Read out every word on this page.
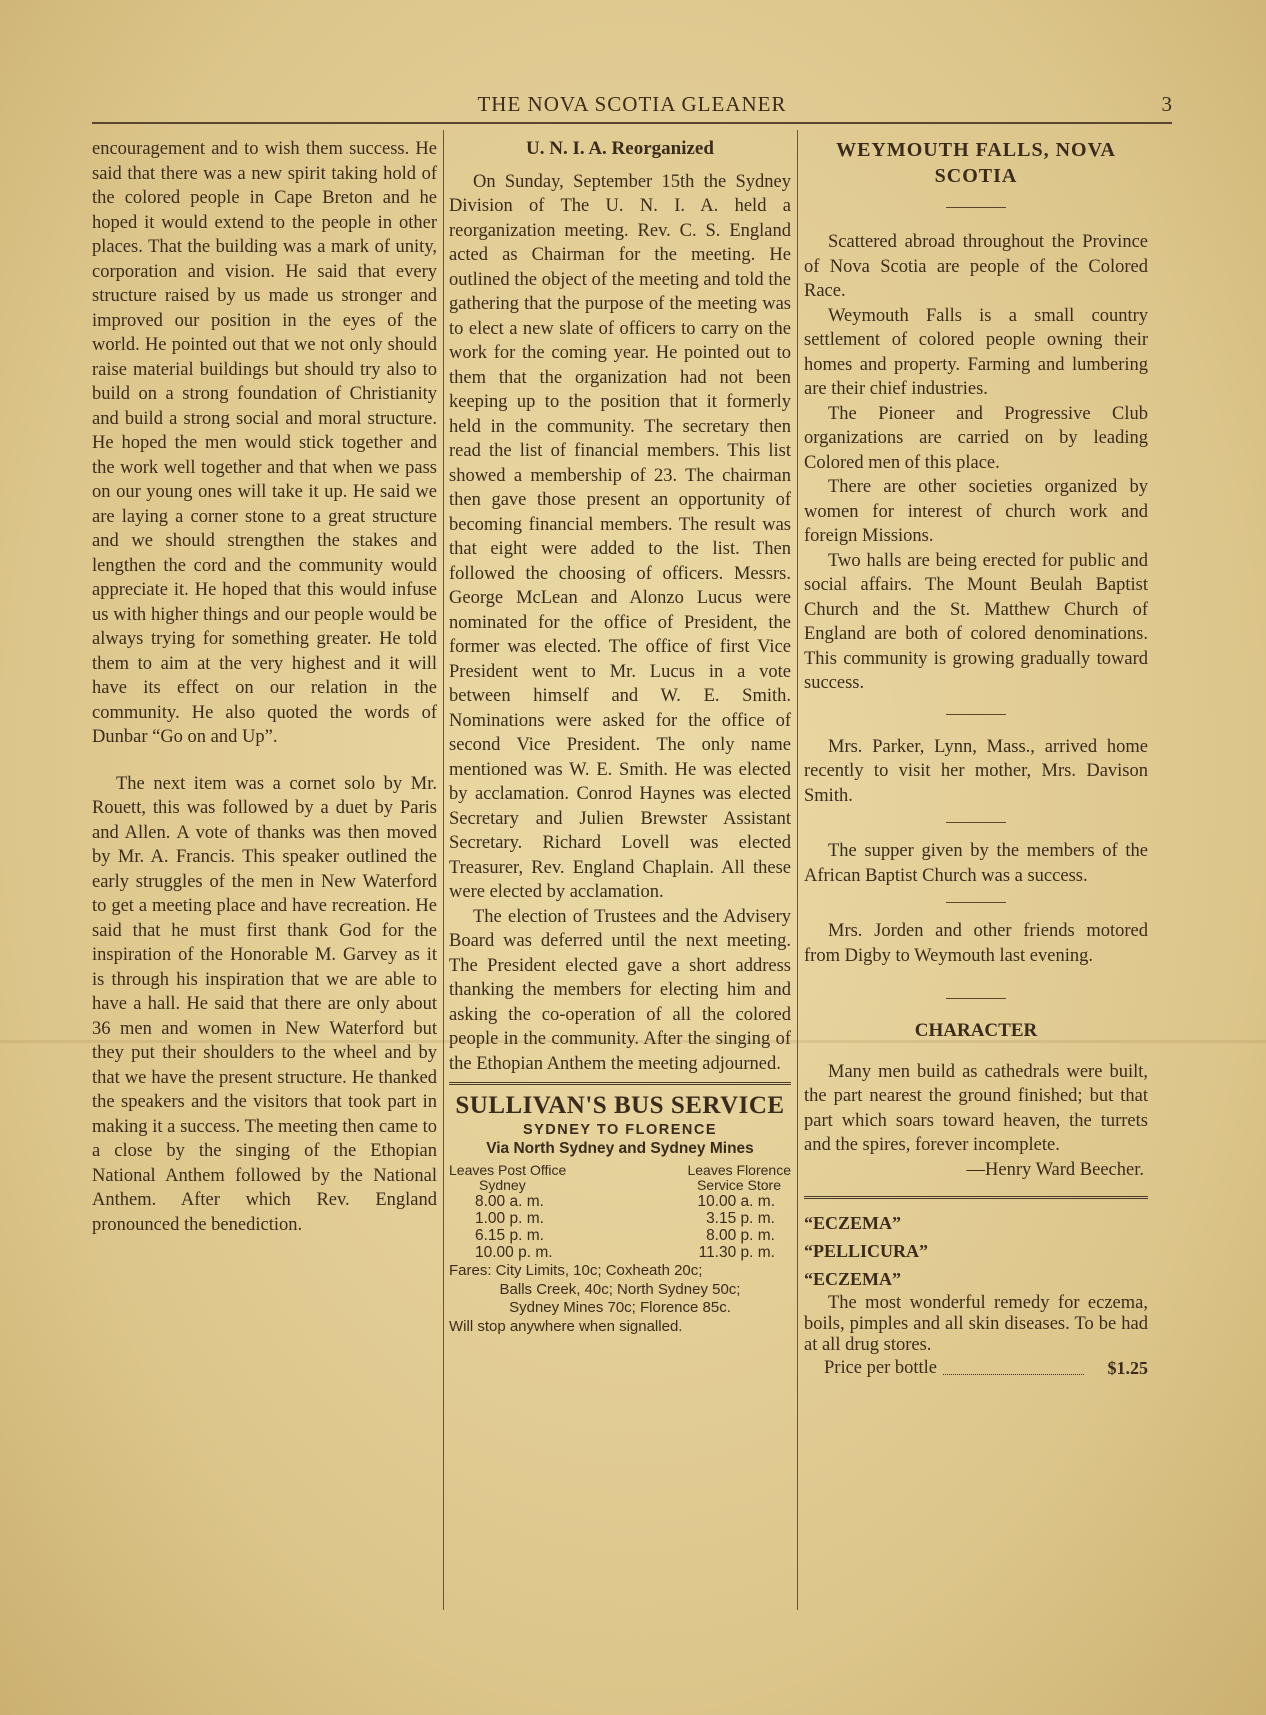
THE NOVA SCOTIA GLEANER	3

encouragement and to wish them success. He said that there was a new spirit taking hold of the colored people in Cape Breton and he hoped it would extend to the people in other places. That the building was a mark of unity, corporation and vision. He said that every structure raised by us made us stronger and improved our position in the eyes of the world. He pointed out that we not only should raise material buildings but should try also to build on a strong foundation of Christianity and build a strong social and moral structure. He hoped the men would stick together and the work well together and that when we pass on our young ones will take it up. He said we are laying a corner stone to a great structure and we should strengthen the stakes and lengthen the cord and the community would appreciate it. He hoped that this would infuse us with higher things and our people would be always trying for something greater. He told them to aim at the very highest and it will have its effect on our relation in the community. He also quoted the words of Dunbar “Go on and Up”.

The next item was a cornet solo by Mr. Rouett, this was followed by a duet by Paris and Allen. A vote of thanks was then moved by Mr. A. Francis. This speaker outlined the early struggles of the men in New Waterford to get a meeting place and have recreation. He said that he must first thank God for the inspiration of the Honorable M. Garvey as it is through his inspiration that we are able to have a hall. He said that there are only about 36 men and women in New Waterford but they put their shoulders to the wheel and by that we have the present structure. He thanked the speakers and the visitors that took part in making it a success. The meeting then came to a close by the singing of the Ethopian National Anthem followed by the National Anthem. After which Rev. England pronounced the benediction.

U. N. I. A. Reorganized

On Sunday, September 15th the Sydney Division of The U. N. I. A. held a reorganization meeting. Rev. C. S. England acted as Chairman for the meeting. He outlined the object of the meeting and told the gathering that the purpose of the meeting was to elect a new slate of officers to carry on the work for the coming year. He pointed out to them that the organization had not been keeping up to the position that it formerly held in the community. The secretary then read the list of financial members. This list showed a membership of 23. The chairman then gave those present an opportunity of becoming financial members. The result was that eight were added to the list. Then followed the choosing of officers. Messrs. George McLean and Alonzo Lucus were nominated for the office of President, the former was elected. The office of first Vice President went to Mr. Lucus in a vote between himself and W. E. Smith. Nominations were asked for the office of second Vice President. The only name mentioned was W. E. Smith. He was elected by acclamation. Conrod Haynes was elected Secretary and Julien Brewster Assistant Secretary. Richard Lovell was elected Treasurer, Rev. England Chaplain. All these were elected by acclamation.

The election of Trustees and the Advisery Board was deferred until the next meeting. The President elected gave a short address thanking the members for electing him and asking the co-operation of all the colored people in the community. After the singing of the Ethopian Anthem the meeting adjourned.

SULLIVAN'S BUS SERVICE
SYDNEY TO FLORENCE
Via North Sydney and Sydney Mines
Leaves Post Office
Sydney
8.00 a. m.
1.00 p. m.
6.15 p. m.
10.00 p. m.
Leaves Florence
Service Store
10.00 a. m.
3.15 p. m.
8.00 p. m.
11.30 p. m.
Fares: City Limits, 10c; Coxheath 20c;
Balls Creek, 40c; North Sydney 50c;
Sydney Mines 70c; Florence 85c.
Will stop anywhere when signalled.
WEYMOUTH FALLS, NOVA
SCOTIA

Scattered abroad throughout the Province of Nova Scotia are people of the Colored Race.

Weymouth Falls is a small country settlement of colored people owning their homes and property. Farming and lumbering are their chief industries.

The Pioneer and Progressive Club organizations are carried on by leading Colored men of this place.

There are other societies organized by women for interest of church work and foreign Missions.

Two halls are being erected for public and social affairs. The Mount Beulah Baptist Church and the St. Matthew Church of England are both of colored denominations. This community is growing gradually toward success.

Mrs. Parker, Lynn, Mass., arrived home recently to visit her mother, Mrs. Davison Smith.

The supper given by the members of the African Baptist Church was a success.

Mrs. Jorden and other friends motored from Digby to Weymouth last evening.

CHARACTER

Many men build as cathedrals were built, the part nearest the ground finished; but that part which soars toward heaven, the turrets and the spires, forever incomplete.

—Henry Ward Beecher.

“ECZEMA”
“PELLICURA”
“ECZEMA”

The most wonderful remedy for eczema, boils, pimples and all skin diseases. To be had at all drug stores.

Price per bottle	$1.25
